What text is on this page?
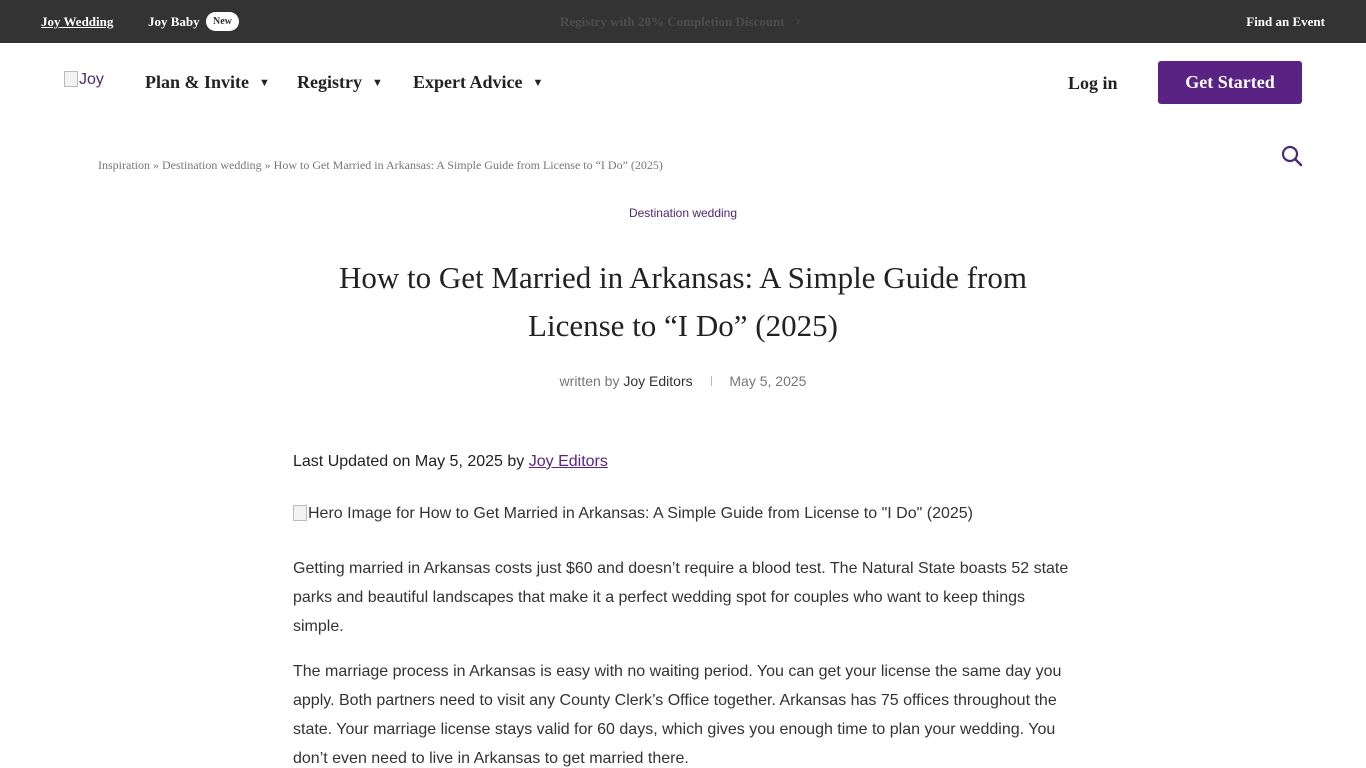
Joy Wedding	Joy Baby	New	Registry with 20% Completion Discount ›	Find an Event
Joy Plan & Invite ▼ Registry ▼ Expert Advice ▼	Log in	Get Started
Inspiration » Destination wedding » How to Get Married in Arkansas: A Simple Guide from License to “I Do” (2025)
Destination wedding
How to Get Married in Arkansas: A Simple Guide from License to “I Do” (2025)
written by Joy Editors	May 5, 2025
Last Updated on May 5, 2025 by Joy Editors
Hero Image for How to Get Married in Arkansas: A Simple Guide from License to "I Do" (2025)

Getting married in Arkansas costs just $60 and doesn’t require a blood test. The Natural State boasts 52 state parks and beautiful landscapes that make it a perfect wedding spot for couples who want to keep things simple.

The marriage process in Arkansas is easy with no waiting period. You can get your license the same day you apply. Both partners need to visit any County Clerk’s Office together. Arkansas has 75 offices throughout the state. Your marriage license stays valid for 60 days, which gives you enough time to plan your wedding. You don’t even need to live in Arkansas to get married there.
